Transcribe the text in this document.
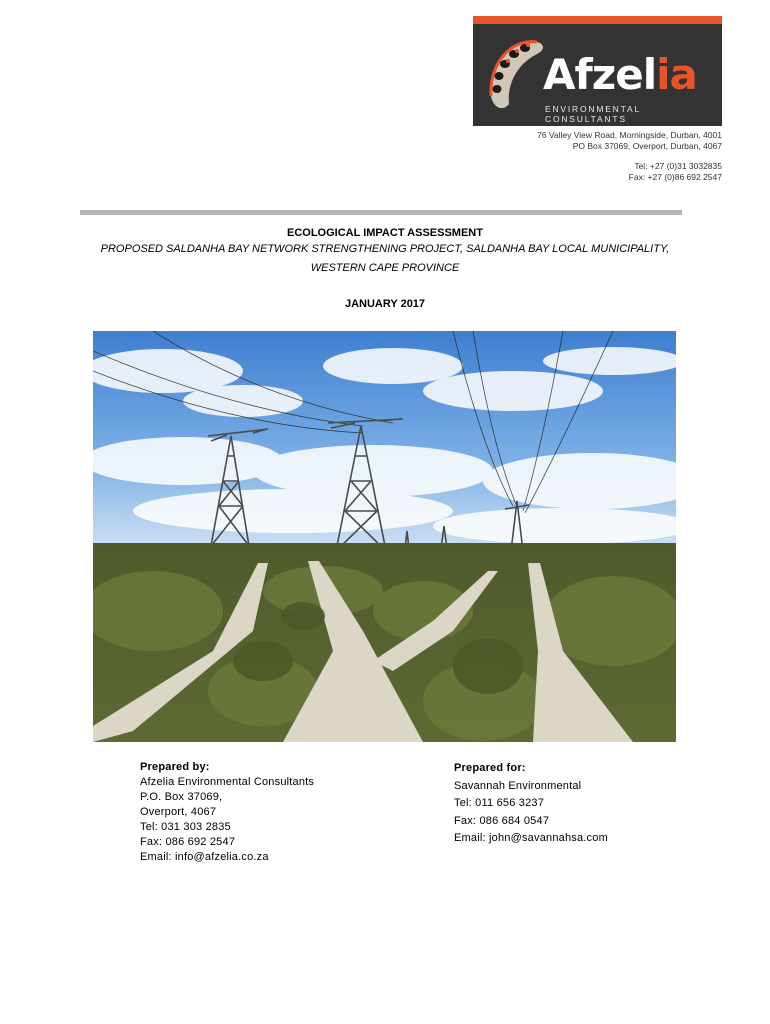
Afzelia
ENVIRONMENTAL CONSULTANTS
76 Valley View Road, Morningside, Durban, 4001
PO Box 37069, Overport, Durban, 4067
Tel: +27 (0)31 3032835
Fax: +27 (0)86 692 2547
ECOLOGICAL IMPACT ASSESSMENT
PROPOSED SALDANHA BAY NETWORK STRENGTHENING PROJECT, SALDANHA BAY LOCAL MUNICIPALITY,
WESTERN CAPE PROVINCE
JANUARY 2017
Prepared by:
Afzelia Environmental Consultants
P.O. Box 37069,
Overport, 4067
Tel: 031 303 2835
Fax: 086 692 2547
Email: info@afzelia.co.za
Prepared for:
Savannah Environmental
Tel: 011 656 3237
Fax: 086 684 0547
Email: john@savannahsa.com
